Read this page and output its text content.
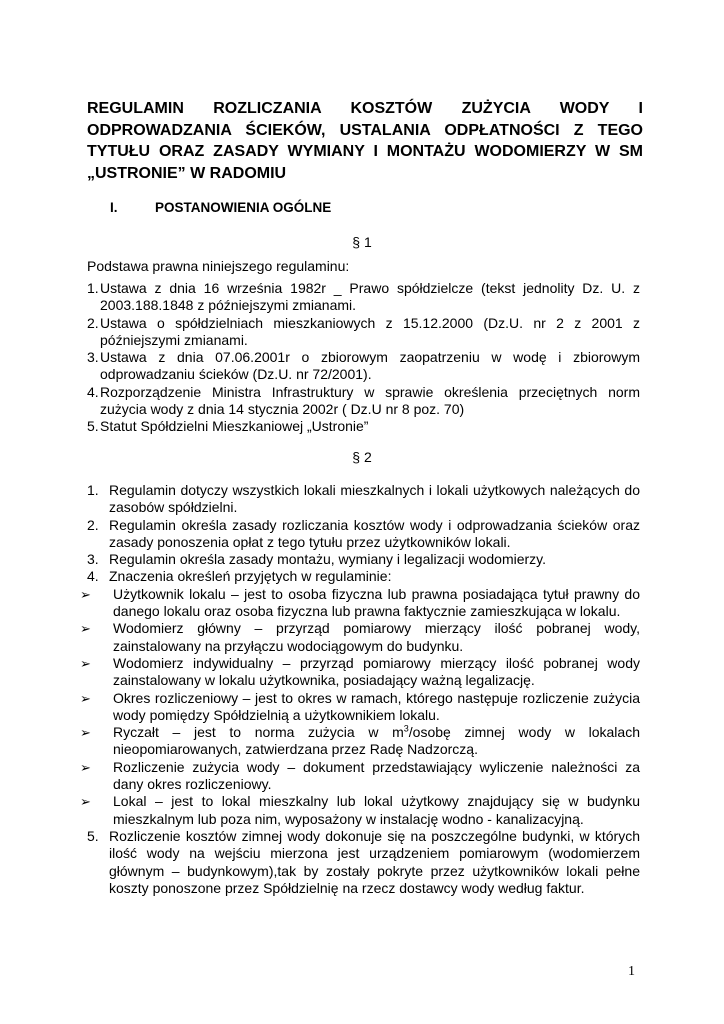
REGULAMIN ROZLICZANIA KOSZTÓW ZUŻYCIA WODY I ODPROWADZANIA ŚCIEKÓW, USTALANIA ODPŁATNOŚCI Z TEGO TYTUŁU ORAZ ZASADY WYMIANY I MONTAŻU WODOMIERZY W SM „USTRONIE” W RADOMIU

I.	POSTANOWIENIA OGÓLNE
§ 1
Podstawa prawna niniejszego regulaminu:
1. Ustawa z dnia 16 września 1982r _ Prawo spółdzielcze (tekst jednolity Dz. U. z 2003.188.1848 z późniejszymi zmianami.
2. Ustawa o spółdzielniach mieszkaniowych z 15.12.2000 (Dz.U. nr 2 z 2001 z późniejszymi zmianami.
3. Ustawa z dnia 07.06.2001r o zbiorowym zaopatrzeniu w wodę i zbiorowym odprowadzaniu ścieków (Dz.U. nr 72/2001).
4. Rozporządzenie Ministra Infrastruktury w sprawie określenia przeciętnych norm zużycia wody z dnia 14 stycznia 2002r ( Dz.U nr 8 poz. 70)
5. Statut Spółdzielni Mieszkaniowej „Ustronie”
§ 2
1. Regulamin dotyczy wszystkich lokali mieszkalnych i lokali użytkowych należących do zasobów spółdzielni.
2. Regulamin określa zasady rozliczania kosztów wody i odprowadzania ścieków oraz zasady ponoszenia opłat z tego tytułu przez użytkowników lokali.
3. Regulamin określa zasady montażu, wymiany i legalizacji wodomierzy.
4. Znaczenia określeń przyjętych w regulaminie:
➢ Użytkownik lokalu – jest to osoba fizyczna lub prawna posiadająca tytuł prawny do danego lokalu oraz osoba fizyczna lub prawna faktycznie zamieszkująca w lokalu.
➢ Wodomierz główny – przyrząd pomiarowy mierzący ilość pobranej wody, zainstalowany na przyłączu wodociągowym do budynku.
➢ Wodomierz indywidualny – przyrząd pomiarowy mierzący ilość pobranej wody zainstalowany w lokalu użytkownika, posiadający ważną legalizację.
➢ Okres rozliczeniowy – jest to okres w ramach, którego następuje rozliczenie zużycia wody pomiędzy Spółdzielnią a użytkownikiem lokalu.
➢ Ryczałt – jest to norma zużycia w $m^3$/osobę zimnej wody w lokalach nieopomiarowanych, zatwierdzana przez Radę Nadzorczą.
➢ Rozliczenie zużycia wody – dokument przedstawiający wyliczenie należności za dany okres rozliczeniowy.
➢ Lokal – jest to lokal mieszkalny lub lokal użytkowy znajdujący się w budynku mieszkalnym lub poza nim, wyposażony w instalację wodno - kanalizacyjną.
5. Rozliczenie kosztów zimnej wody dokonuje się na poszczególne budynki, w których ilość wody na wejściu mierzona jest urządzeniem pomiarowym (wodomierzem głównym – budynkowym),tak by zostały pokryte przez użytkowników lokali pełne koszty ponoszone przez Spółdzielnię na rzecz dostawcy wody według faktur.
1
